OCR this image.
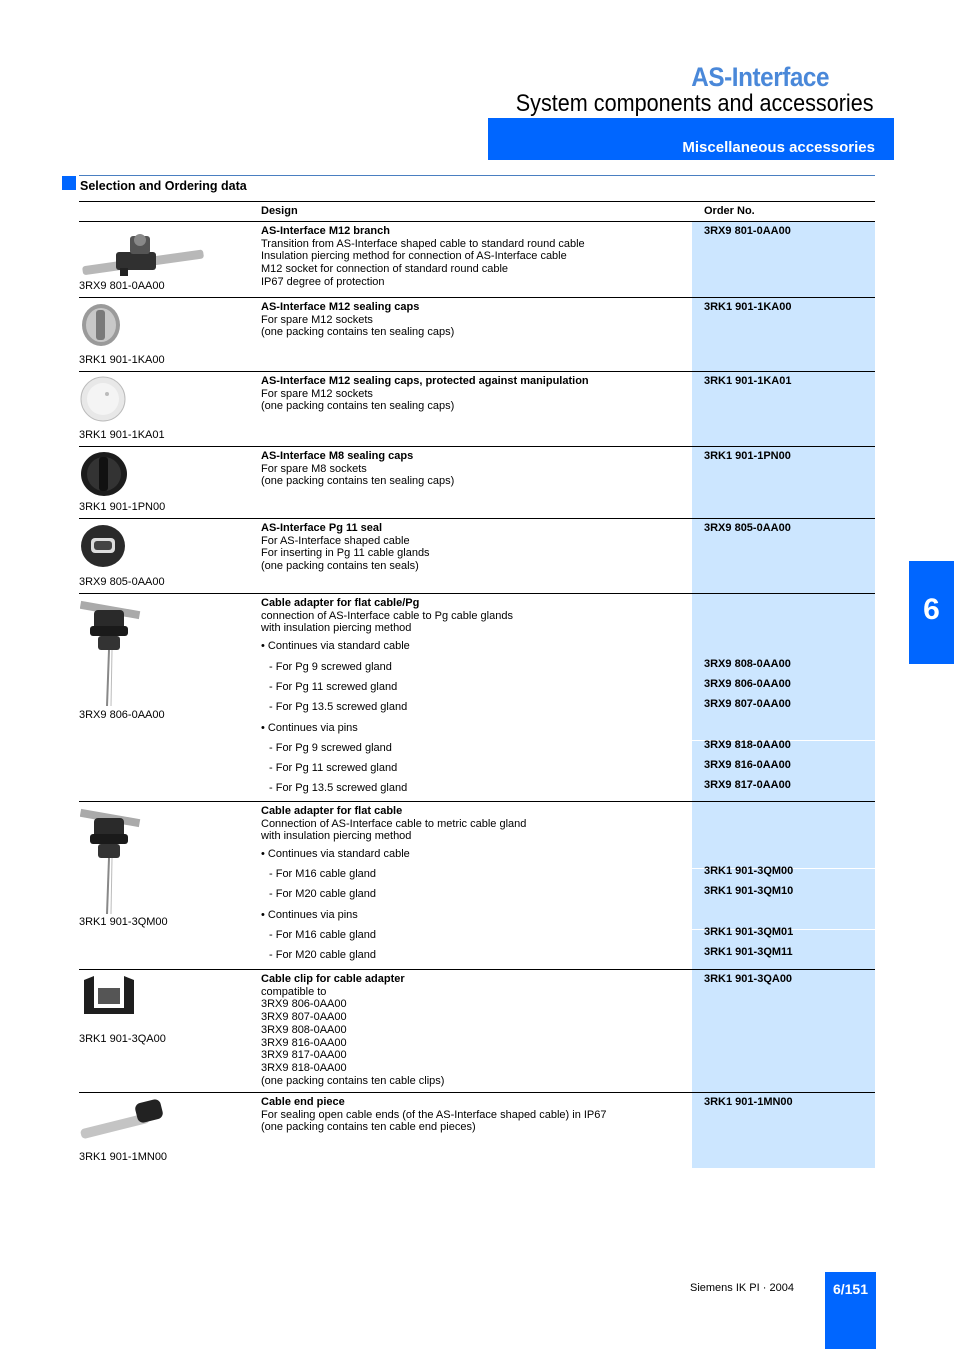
AS-Interface
System components and accessories
Miscellaneous accessories
Selection and Ordering data
6
Design	Order No.
3RX9 801-0AA00
AS-Interface M12 branch
Transition from AS-Interface shaped cable to standard round cable
Insulation piercing method for connection of AS-Interface cable
M12 socket for connection of standard round cable
IP67 degree of protection
3RX9 801-0AA00
3RK1 901-1KA00
AS-Interface M12 sealing caps
For spare M12 sockets
(one packing contains ten sealing caps)
3RK1 901-1KA00
3RK1 901-1KA01
AS-Interface M12 sealing caps, protected against manipulation
For spare M12 sockets
(one packing contains ten sealing caps)
3RK1 901-1KA01
3RK1 901-1PN00
AS-Interface M8 sealing caps
For spare M8 sockets
(one packing contains ten sealing caps)
3RK1 901-1PN00
3RX9 805-0AA00
AS-Interface Pg 11 seal
For AS-Interface shaped cable
For inserting in Pg 11 cable glands
(one packing contains ten seals)
3RX9 805-0AA00
3RX9 806-0AA00
Cable adapter for flat cable/Pg
connection of AS-Interface cable to Pg cable glands
with insulation piercing method
• Continues via standard cable
- For Pg 9 screwed gland
- For Pg 11 screwed gland
- For Pg 13.5 screwed gland
3RX9 808-0AA00
3RX9 806-0AA00
3RX9 807-0AA00
• Continues via pins
- For Pg 9 screwed gland
- For Pg 11 screwed gland
- For Pg 13.5 screwed gland
3RX9 818-0AA00
3RX9 816-0AA00
3RX9 817-0AA00
3RK1 901-3QM00
Cable adapter for flat cable
Connection of AS-Interface cable to metric cable gland
with insulation piercing method
• Continues via standard cable
- For M16 cable gland
- For M20 cable gland
3RK1 901-3QM00
3RK1 901-3QM10
• Continues via pins
- For M16 cable gland
- For M20 cable gland
3RK1 901-3QM01
3RK1 901-3QM11
3RK1 901-3QA00
Cable clip for cable adapter
compatible to
3RX9 806-0AA00
3RX9 807-0AA00
3RX9 808-0AA00
3RX9 816-0AA00
3RX9 817-0AA00
3RX9 818-0AA00
(one packing contains ten cable clips)
3RK1 901-3QA00
3RK1 901-1MN00
Cable end piece
For sealing open cable ends (of the AS-Interface shaped cable) in IP67
(one packing contains ten cable end pieces)
3RK1 901-1MN00
Siemens IK PI · 2004	6/151
